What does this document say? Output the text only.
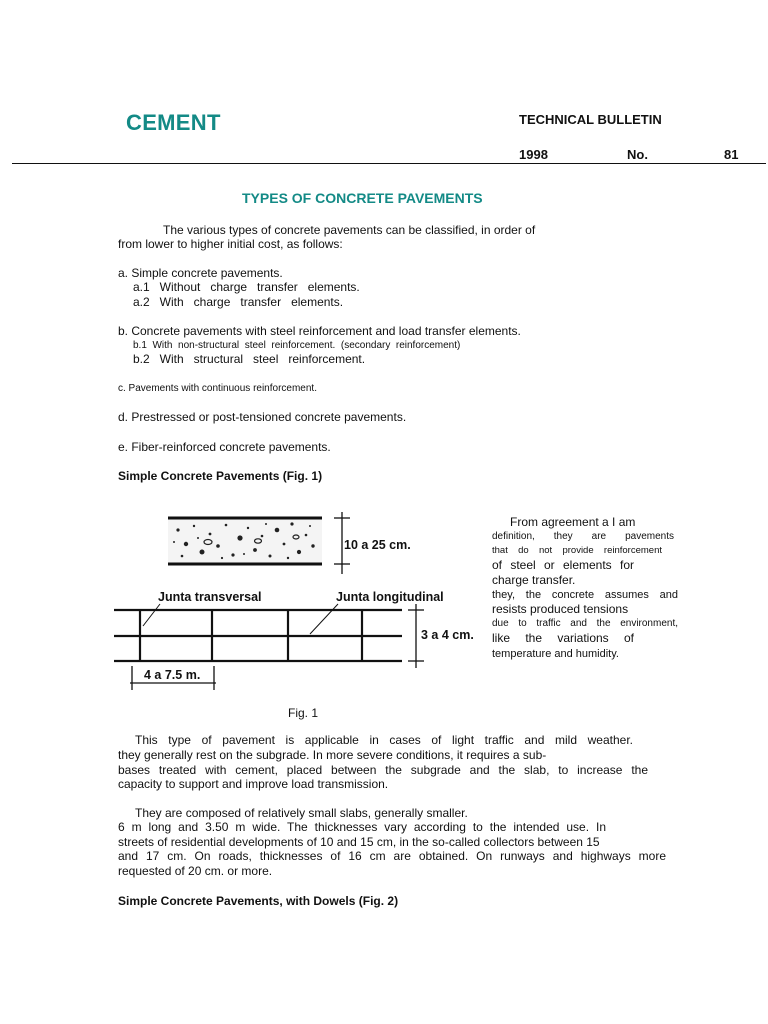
CEMENT	TECHNICAL BULLETIN
1998	No.	81
TYPES OF CONCRETE PAVEMENTS
The various types of concrete pavements can be classified, in order of
from lower to higher initial cost, as follows:
a. Simple concrete pavements.
a.1   Without   charge   transfer   elements.
a.2   With   charge   transfer   elements.
b. Concrete pavements with steel reinforcement and load transfer elements.
b.1  With  non-structural  steel  reinforcement.  (secondary  reinforcement)
b.2   With   structural   steel   reinforcement.
c. Pavements with continuous reinforcement.
d. Prestressed or post-tensioned concrete pavements.
e. Fiber-reinforced concrete pavements.
Simple Concrete Pavements (Fig. 1)
10 a 25 cm.
Junta transversal	Junta longitudinal
3 a 4 cm.
4 a 7.5 m.
From agreement a I am
definition, they are pavements
that do not provide reinforcement
of steel or elements for
charge transfer.
they, the concrete assumes and
resists produced tensions
due to traffic and the environment,
like the variations of
temperature and humidity.
Fig. 1
This type of pavement is applicable in cases of light traffic and mild weather.
they generally rest on the subgrade. In more severe conditions, it requires a sub-
bases treated with cement, placed between the subgrade and the slab, to increase the
capacity to support and improve load transmission.
They are composed of relatively small slabs, generally smaller.
6 m long and 3.50 m wide. The thicknesses vary according to the intended use. In
streets of residential developments of 10 and 15 cm, in the so-called collectors between 15
and 17 cm. On roads, thicknesses of 16 cm are obtained. On runways and highways more
requested of 20 cm. or more.
Simple Concrete Pavements, with Dowels (Fig. 2)
